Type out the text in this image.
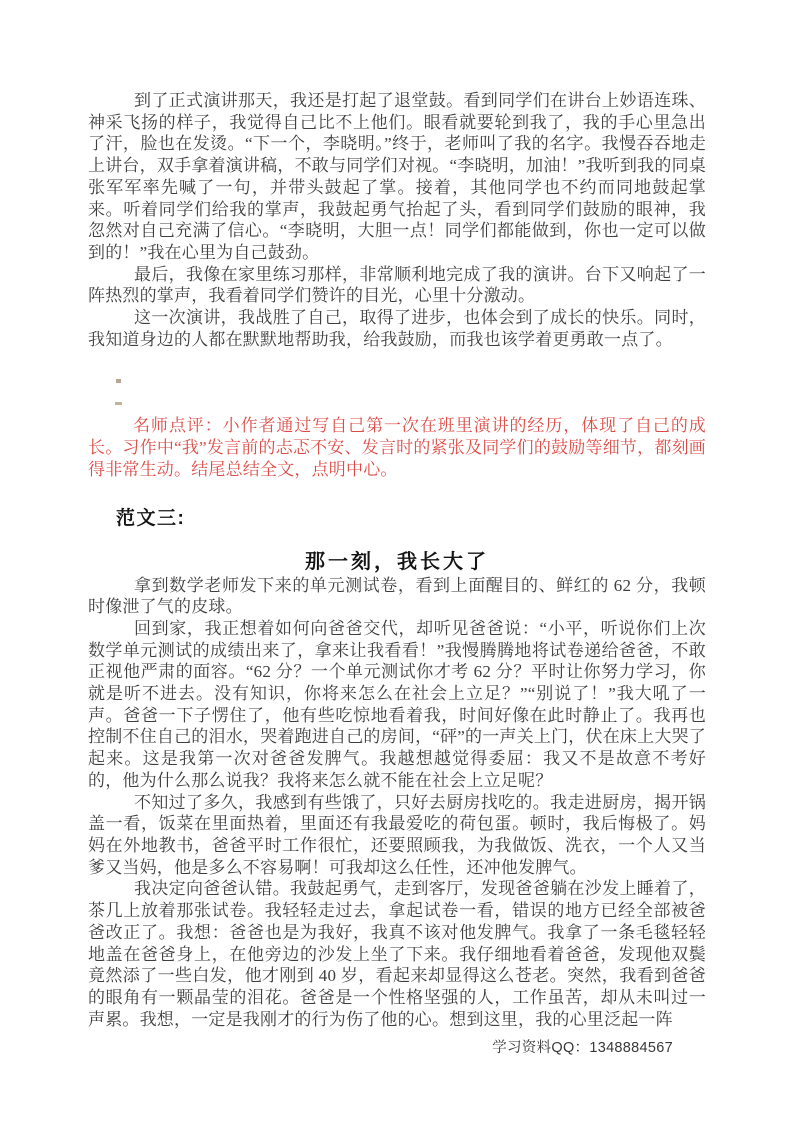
到了正式演讲那天，我还是打起了退堂鼓。看到同学们在讲台上妙语连珠、神采飞扬的样子，我觉得自己比不上他们。眼看就要轮到我了，我的手心里急出了汗，脸也在发烫。“下一个，李晓明。”终于，老师叫了我的名字。我慢吞吞地走上讲台，双手拿着演讲稿，不敢与同学们对视。“李晓明，加油！”我听到我的同桌张军军率先喊了一句，并带头鼓起了掌。接着，其他同学也不约而同地鼓起掌来。听着同学们给我的掌声，我鼓起勇气抬起了头，看到同学们鼓励的眼神，我忽然对自己充满了信心。“李晓明，大胆一点！同学们都能做到，你也一定可以做到的！”我在心里为自己鼓劲。

最后，我像在家里练习那样，非常顺利地完成了我的演讲。台下又响起了一阵热烈的掌声，我看着同学们赞许的目光，心里十分激动。

这一次演讲，我战胜了自己，取得了进步，也体会到了成长的快乐。同时，我知道身边的人都在默默地帮助我，给我鼓励，而我也该学着更勇敢一点了。

名师点评：小作者通过写自己第一次在班里演讲的经历，体现了自己的成长。习作中“我”发言前的忐忑不安、发言时的紧张及同学们的鼓励等细节，都刻画得非常生动。结尾总结全文，点明中心。

范文三:
那一刻，我长大了

拿到数学老师发下来的单元测试卷，看到上面醒目的、鲜红的 62 分，我顿时像泄了气的皮球。

回到家，我正想着如何向爸爸交代，却听见爸爸说：“小平，听说你们上次数学单元测试的成绩出来了，拿来让我看看！”我慢腾腾地将试卷递给爸爸，不敢正视他严肃的面容。“62 分？一个单元测试你才考 62 分？平时让你努力学习，你就是听不进去。没有知识，你将来怎么在社会上立足？”“别说了！”我大吼了一声。爸爸一下子愣住了，他有些吃惊地看着我，时间好像在此时静止了。我再也控制不住自己的泪水，哭着跑进自己的房间，“砰”的一声关上门，伏在床上大哭了起来。这是我第一次对爸爸发脾气。我越想越觉得委屈：我又不是故意不考好的，他为什么那么说我？我将来怎么就不能在社会上立足呢？

不知过了多久，我感到有些饿了，只好去厨房找吃的。我走进厨房，揭开锅盖一看，饭菜在里面热着，里面还有我最爱吃的荷包蛋。顿时，我后悔极了。妈妈在外地教书，爸爸平时工作很忙，还要照顾我，为我做饭、洗衣，一个人又当爹又当妈，他是多么不容易啊！可我却这么任性，还冲他发脾气。

我决定向爸爸认错。我鼓起勇气，走到客厅，发现爸爸躺在沙发上睡着了，茶几上放着那张试卷。我轻轻走过去，拿起试卷一看，错误的地方已经全部被爸爸改正了。我想：爸爸也是为我好，我真不该对他发脾气。我拿了一条毛毯轻轻地盖在爸爸身上，在他旁边的沙发上坐了下来。我仔细地看着爸爸，发现他双鬓竟然添了一些白发，他才刚到 40 岁，看起来却显得这么苍老。突然，我看到爸爸的眼角有一颗晶莹的泪花。爸爸是一个性格坚强的人，工作虽苦，却从未叫过一声累。我想，一定是我刚才的行为伤了他的心。想到这里，我的心里泛起一阵

学习资料QQ：1348884567
